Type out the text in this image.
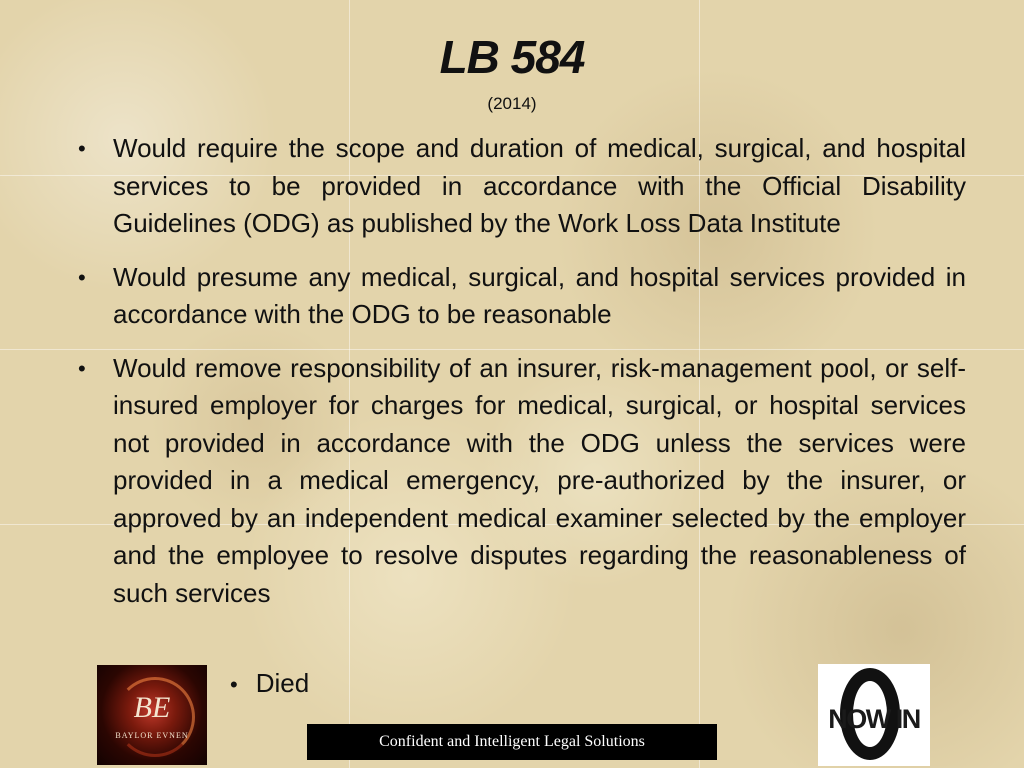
LB 584
(2014)
• Would require the scope and duration of medical, surgical, and hospital services to be provided in accordance with the Official Disability Guidelines (ODG) as published by the Work Loss Data Institute
• Would presume any medical, surgical, and hospital services provided in accordance with the ODG to be reasonable
• Would remove responsibility of an insurer, risk-management pool, or self-insured employer for charges for medical, surgical, or hospital services not provided in accordance with the ODG unless the services were provided in a medical emergency, pre-authorized by the insurer, or approved by an independent medical examiner selected by the employer and the employee to resolve disputes regarding the reasonableness of such services
• Died
BE
BAYLOR EVNEN	Confident and Intelligent Legal Solutions
NOW IN
